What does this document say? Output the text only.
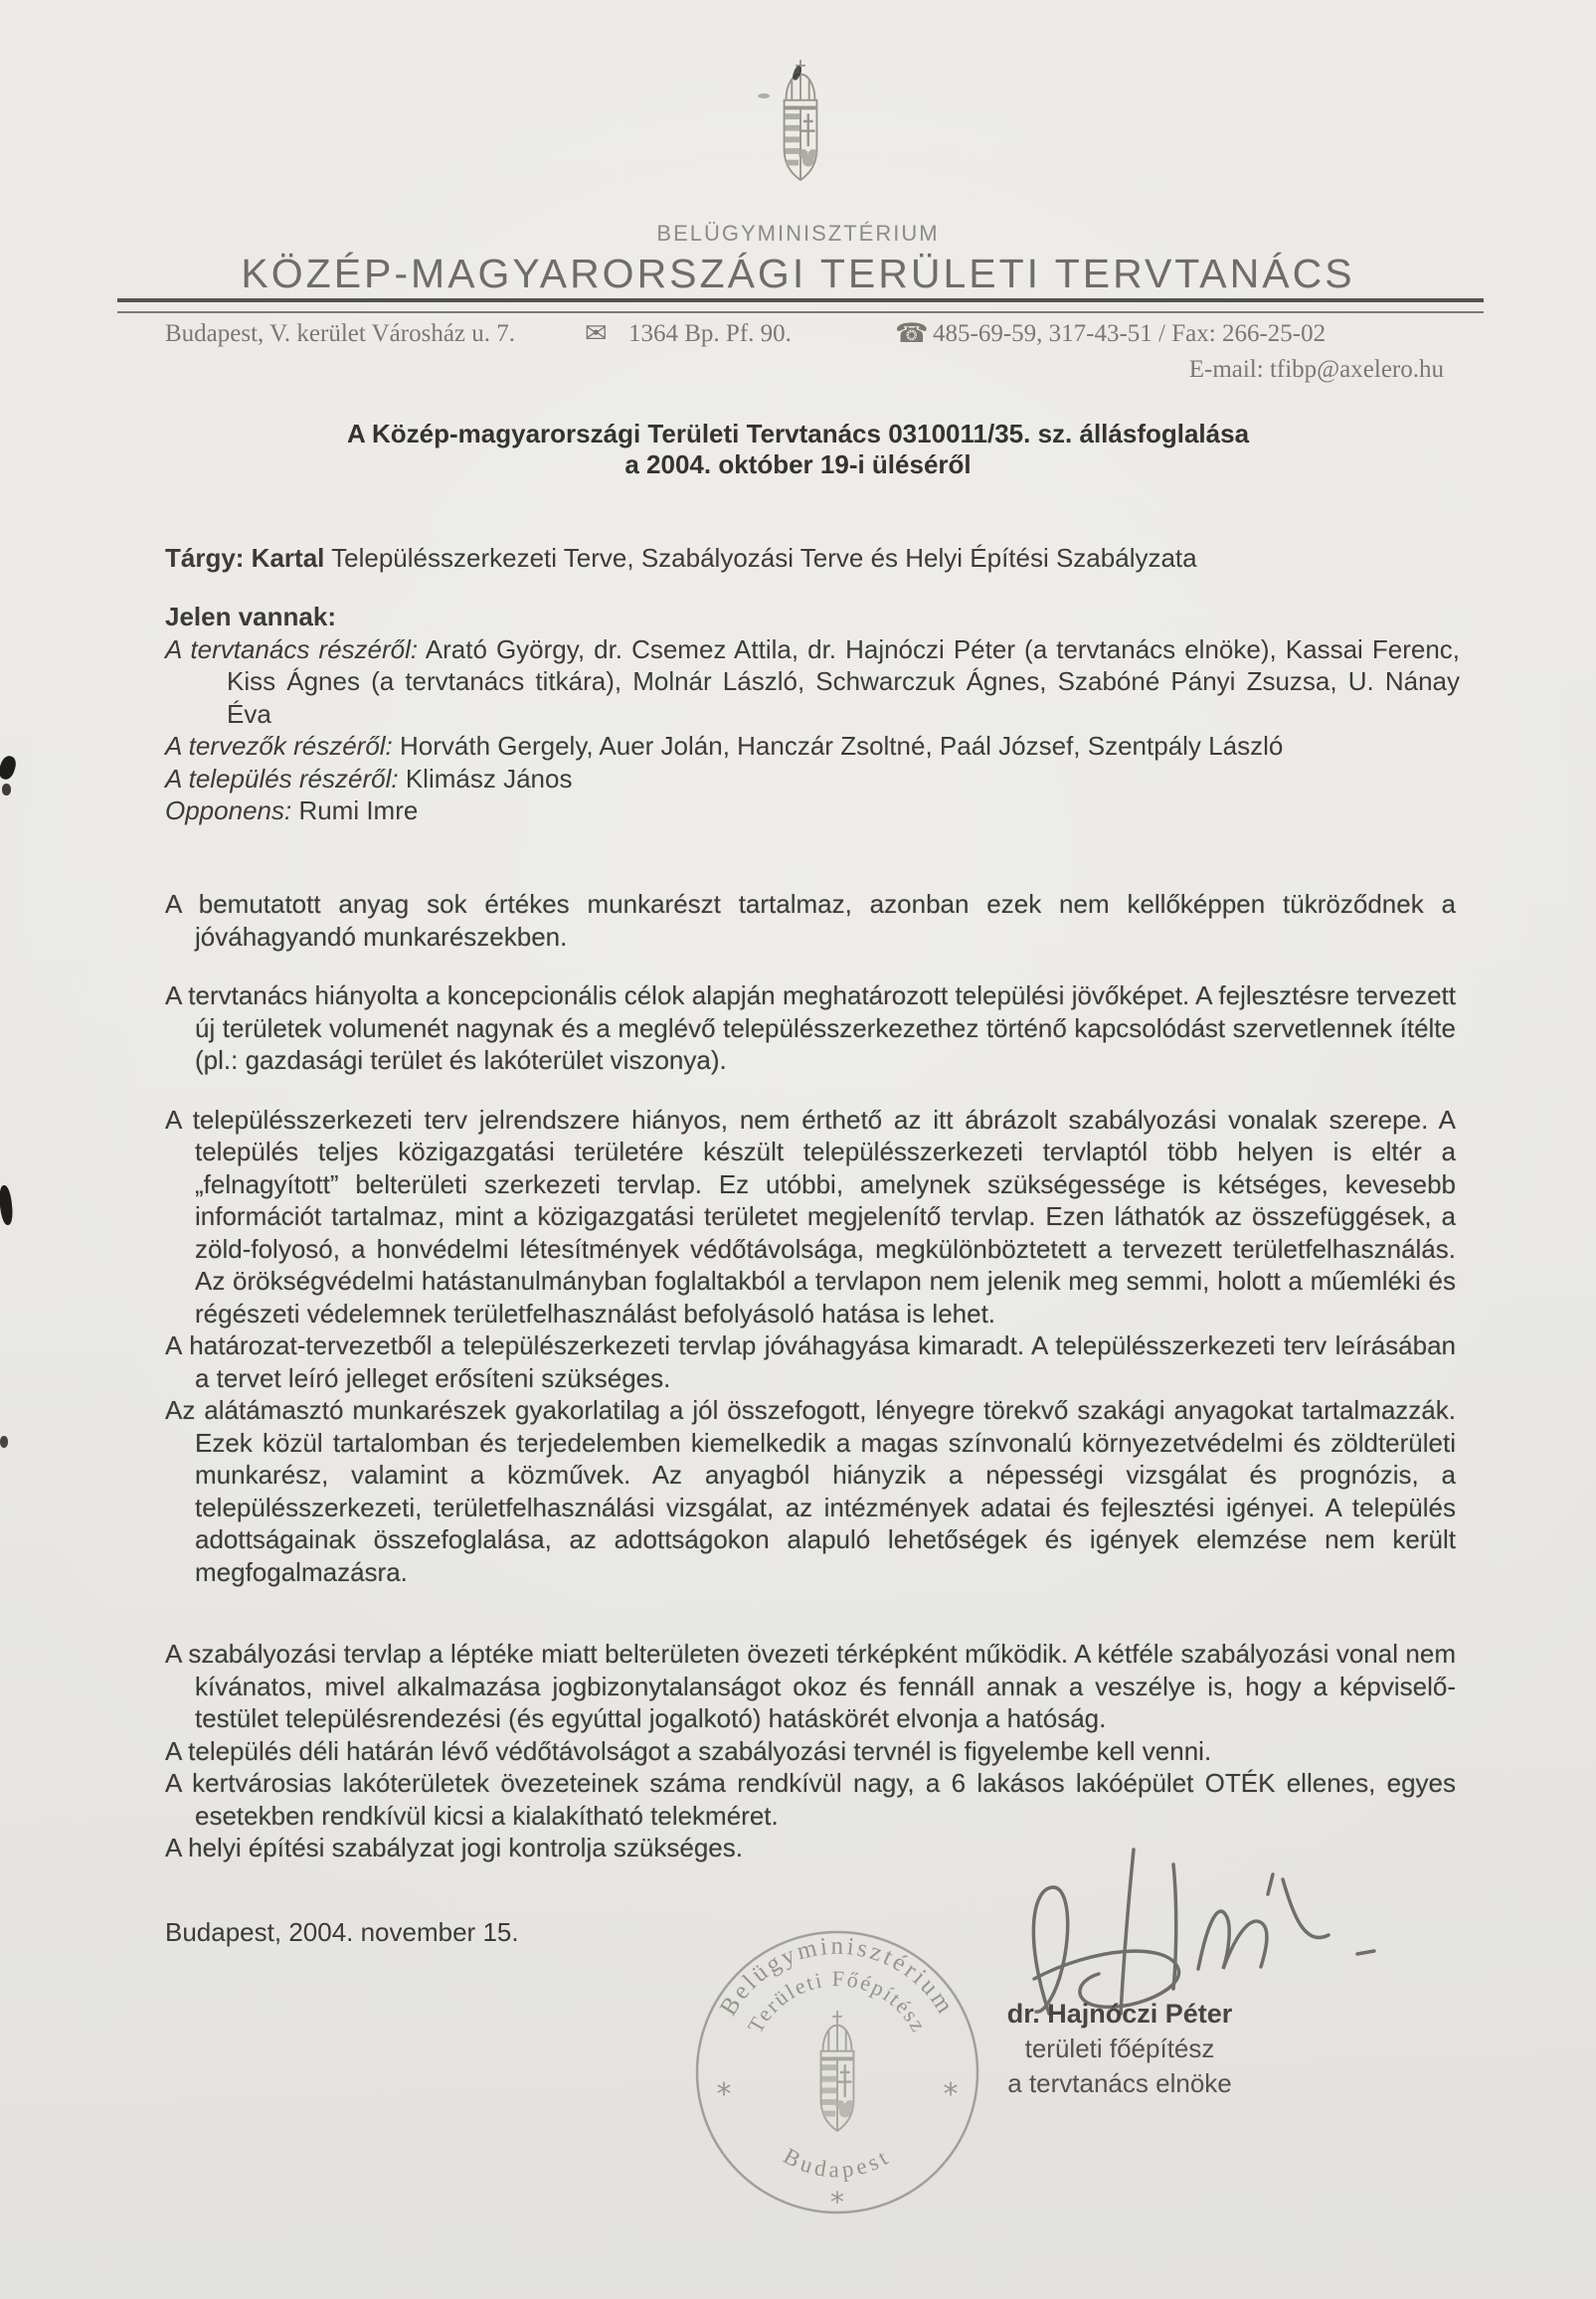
BELÜGYMINISZTÉRIUM
KÖZÉP-MAGYARORSZÁGI TERÜLETI TERVTANÁCS
Budapest, V. kerület Városház u. 7.	✉ 1364 Bp. Pf. 90.	☎ 485-69-59, 317-43-51 / Fax: 266-25-02
E-mail: tfibp@axelero.hu
A Közép-magyarországi Területi Tervtanács 0310011/35. sz. állásfoglalása
a 2004. október 19-i üléséről
Tárgy: Kartal Településszerkezeti Terve, Szabályozási Terve és Helyi Építési Szabályzata
Jelen vannak:

A tervtanács részéről: Arató György, dr. Csemez Attila, dr. Hajnóczi Péter (a tervtanács elnöke), Kassai Ferenc, Kiss Ágnes (a tervtanács titkára), Molnár László, Schwarczuk Ágnes, Szabóné Pányi Zsuzsa, U. Nánay Éva

A tervezők részéről: Horváth Gergely, Auer Jolán, Hanczár Zsoltné, Paál József, Szentpály László

A település részéről: Klimász János

Opponens: Rumi Imre

A bemutatott anyag sok értékes munkarészt tartalmaz, azonban ezek nem kellőképpen tükröződnek a jóváhagyandó munkarészekben.

A tervtanács hiányolta a koncepcionális célok alapján meghatározott települési jövőképet. A fejlesztésre tervezett új területek volumenét nagynak és a meglévő településszerkezethez történő kapcsolódást szervetlennek ítélte (pl.: gazdasági terület és lakóterület viszonya).

A településszerkezeti terv jelrendszere hiányos, nem érthető az itt ábrázolt szabályozási vonalak szerepe. A település teljes közigazgatási területére készült településszerkezeti tervlaptól több helyen is eltér a „felnagyított” belterületi szerkezeti tervlap. Ez utóbbi, amelynek szükségessége is kétséges, kevesebb információt tartalmaz, mint a közigazgatási területet megjelenítő tervlap. Ezen láthatók az összefüggések, a zöld-folyosó, a honvédelmi létesítmények védőtávolsága, megkülönböztetett a tervezett területfelhasználás. Az örökségvédelmi hatástanulmányban foglaltakból a tervlapon nem jelenik meg semmi, holott a műemléki és régészeti védelemnek területfelhasználást befolyásoló hatása is lehet.

A határozat-tervezetből a települészerkezeti tervlap jóváhagyása kimaradt. A településszerkezeti terv leírásában a tervet leíró jelleget erősíteni szükséges.

Az alátámasztó munkarészek gyakorlatilag a jól összefogott, lényegre törekvő szakági anyagokat tartalmazzák. Ezek közül tartalomban és terjedelemben kiemelkedik a magas színvonalú környezetvédelmi és zöldterületi munkarész, valamint a közművek. Az anyagból hiányzik a népességi vizsgálat és prognózis, a településszerkezeti, területfelhasználási vizsgálat, az intézmények adatai és fejlesztési igényei. A település adottságainak összefoglalása, az adottságokon alapuló lehetőségek és igények elemzése nem került megfogalmazásra.

A szabályozási tervlap a léptéke miatt belterületen övezeti térképként működik. A kétféle szabályozási vonal nem kívánatos, mivel alkalmazása jogbizonytalanságot okoz és fennáll annak a veszélye is, hogy a képviselő-testület településrendezési (és egyúttal jogalkotó) hatáskörét elvonja a hatóság.

A település déli határán lévő védőtávolságot a szabályozási tervnél is figyelembe kell venni.

A kertvárosias lakóterületek övezeteinek száma rendkívül nagy, a 6 lakásos lakóépület OTÉK ellenes, egyes esetekben rendkívül kicsi a kialakítható telekméret.

A helyi építési szabályzat jogi kontrolja szükséges.

Budapest, 2004. november 15.
Belügyminisztérium
Területi Főépítész
Budapest
*	*
*
dr. Hajnóczi Péter
területi főépítész
a tervtanács elnöke
